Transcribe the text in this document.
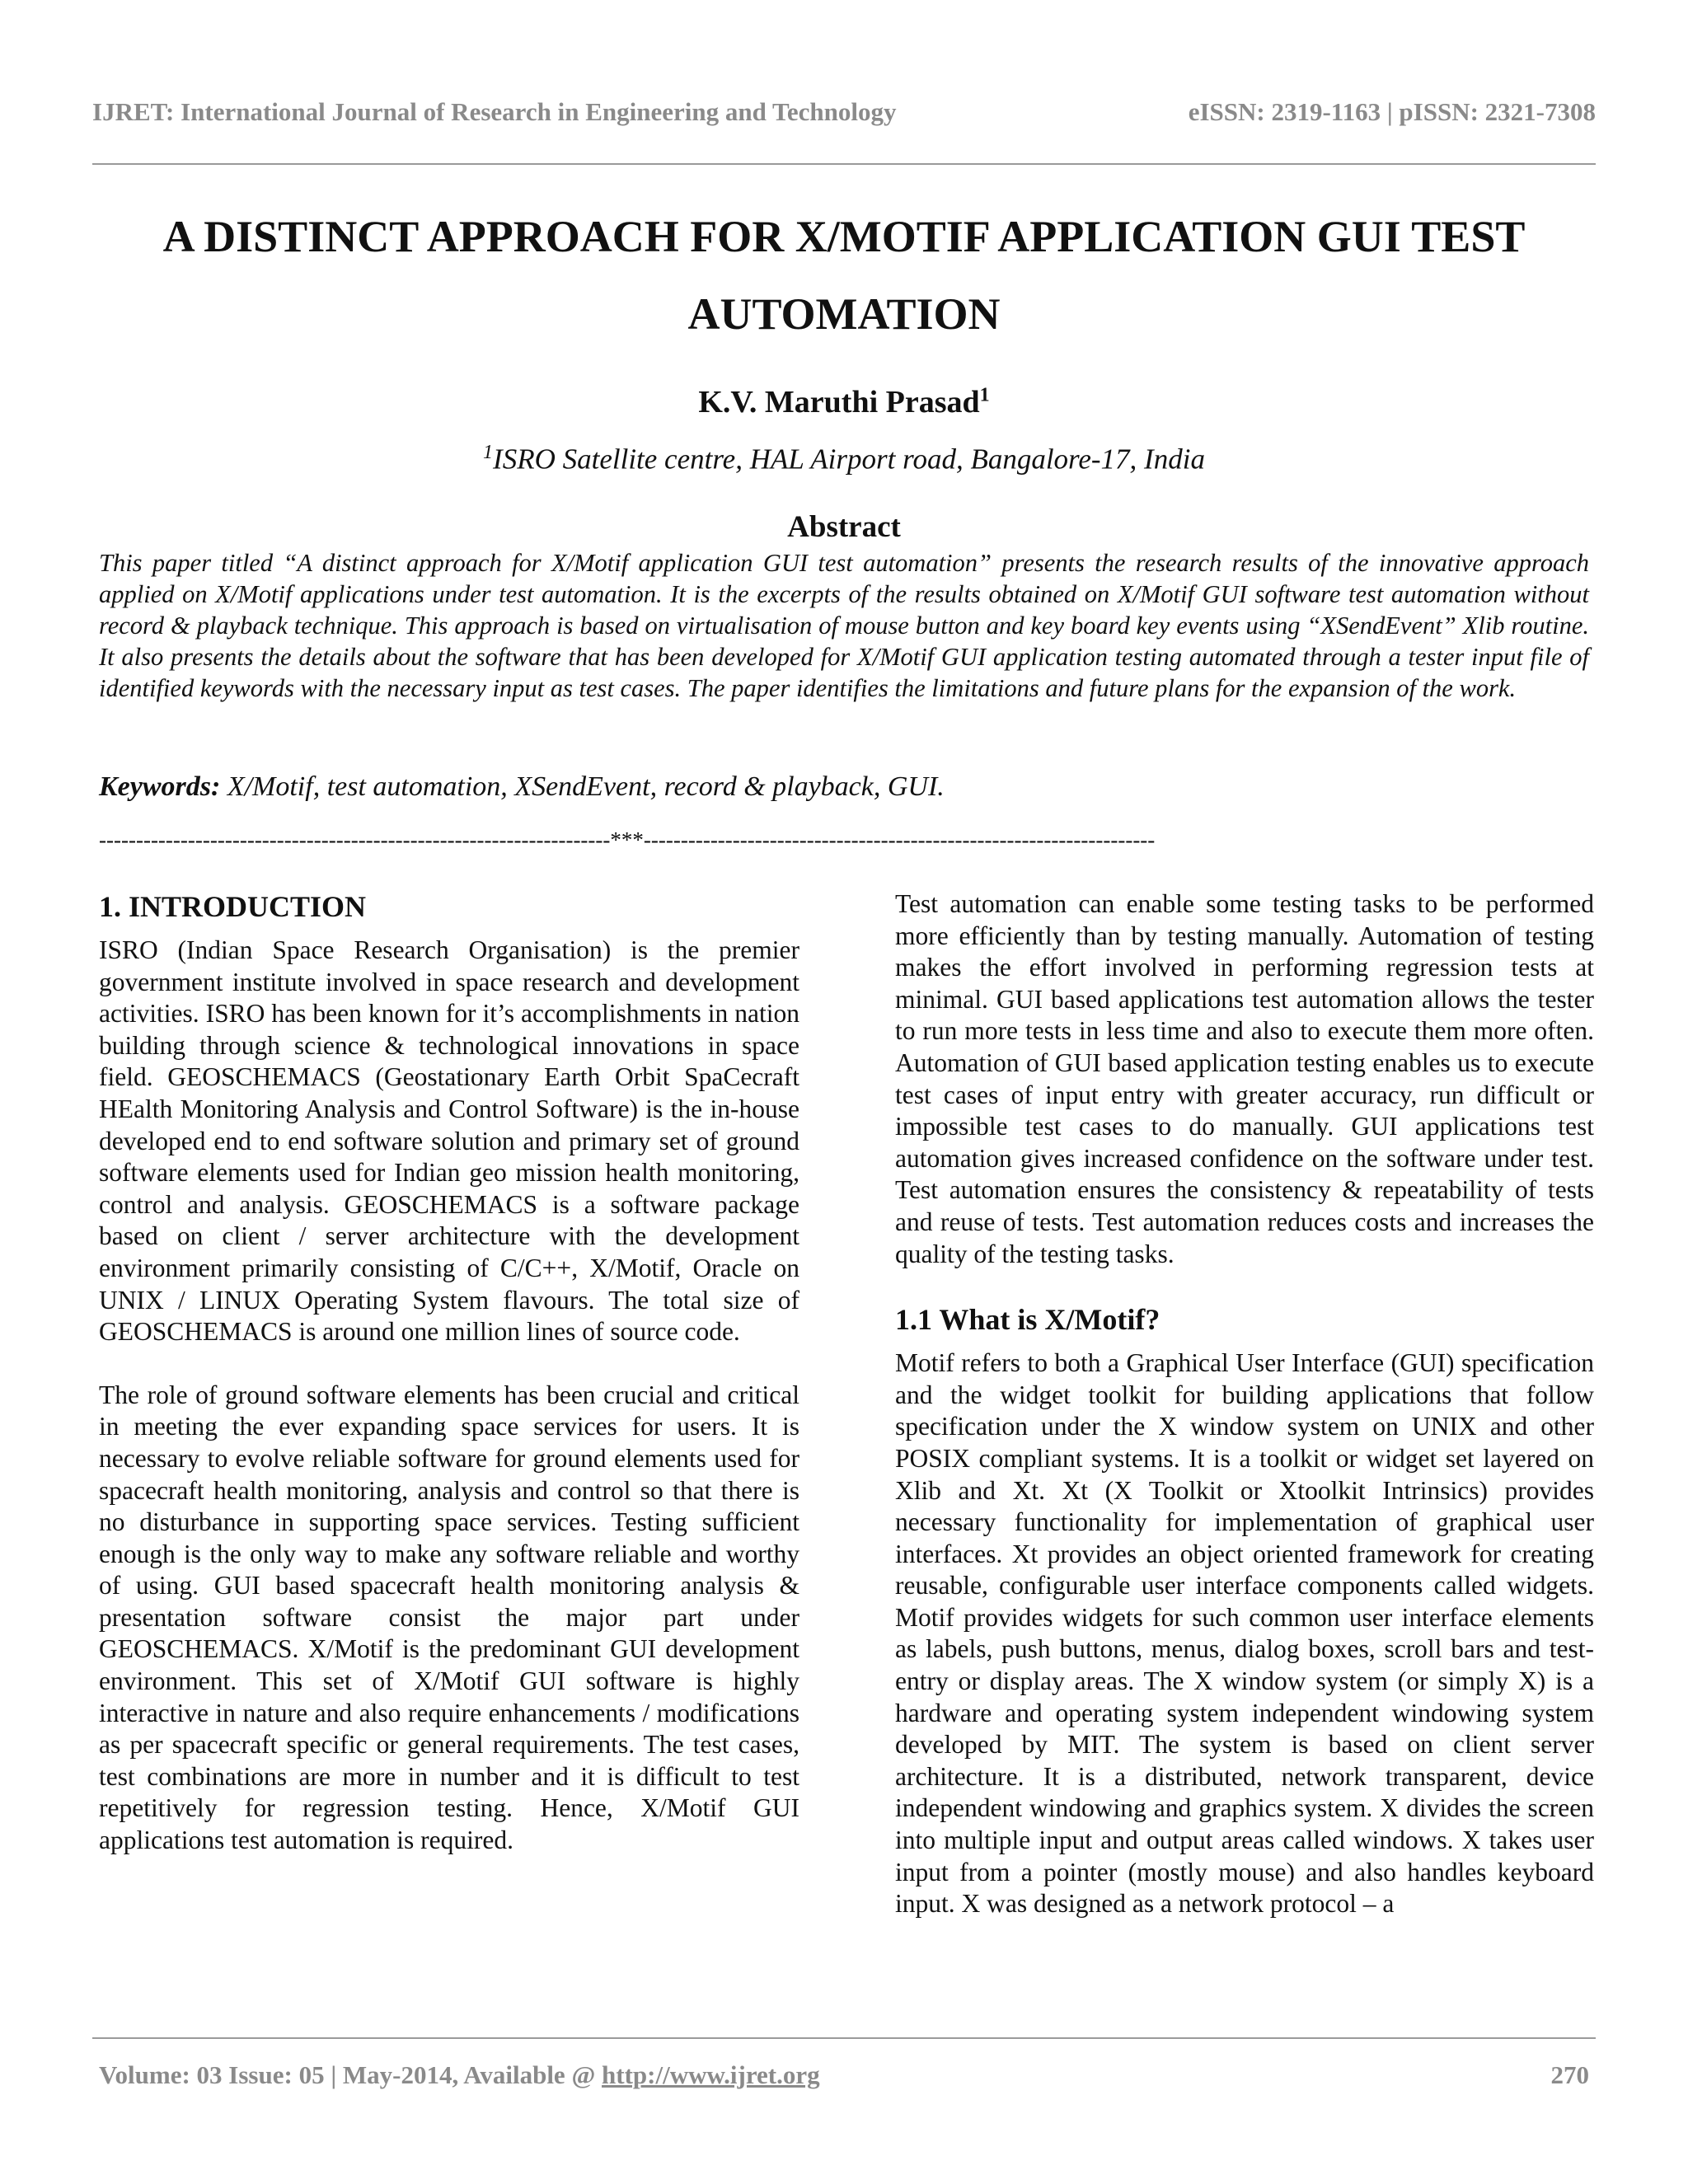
IJRET: International Journal of Research in Engineering and Technology	eISSN: 2319-1163 | pISSN: 2321-7308
A DISTINCT APPROACH FOR X/MOTIF APPLICATION GUI TEST AUTOMATION
K.V. Maruthi Prasad$^1$
$^1$ISRO Satellite centre, HAL Airport road, Bangalore-17, India
Abstract
This paper titled “A distinct approach for X/Motif application GUI test automation” presents the research results of the innovative approach applied on X/Motif applications under test automation. It is the excerpts of the results obtained on X/Motif GUI software test automation without record & playback technique. This approach is based on virtualisation of mouse button and key board key events using “XSendEvent” Xlib routine. It also presents the details about the software that has been developed for X/Motif GUI application testing automated through a tester input file of identified keywords with the necessary input as test cases. The paper identifies the limitations and future plans for the expansion of the work.
Keywords: X/Motif, test automation, XSendEvent, record & playback, GUI.
---------------------------------------------------------------------***---------------------------------------------------------------------
1. INTRODUCTION

ISRO (Indian Space Research Organisation) is the premier government institute involved in space research and development activities. ISRO has been known for it’s accomplishments in nation building through science & technological innovations in space field. GEOSCHEMACS (Geostationary Earth Orbit SpaCecraft HEalth Monitoring Analysis and Control Software) is the in-house developed end to end software solution and primary set of ground software elements used for Indian geo mission health monitoring, control and analysis. GEOSCHEMACS is a software package based on client / server architecture with the development environment primarily consisting of C/C++, X/Motif, Oracle on UNIX / LINUX Operating System flavours. The total size of GEOSCHEMACS is around one million lines of source code.

The role of ground software elements has been crucial and critical in meeting the ever expanding space services for users. It is necessary to evolve reliable software for ground elements used for spacecraft health monitoring, analysis and control so that there is no disturbance in supporting space services. Testing sufficient enough is the only way to make any software reliable and worthy of using. GUI based spacecraft health monitoring analysis & presentation software consist the major part under GEOSCHEMACS. X/Motif is the predominant GUI development environment. This set of X/Motif GUI software is highly interactive in nature and also require enhancements / modifications as per spacecraft specific or general requirements. The test cases, test combinations are more in number and it is difficult to test repetitively for regression testing. Hence, X/Motif GUI applications test automation is required.

Test automation can enable some testing tasks to be performed more efficiently than by testing manually. Automation of testing makes the effort involved in performing regression tests at minimal. GUI based applications test automation allows the tester to run more tests in less time and also to execute them more often. Automation of GUI based application testing enables us to execute test cases of input entry with greater accuracy, run difficult or impossible test cases to do manually. GUI applications test automation gives increased confidence on the software under test. Test automation ensures the consistency & repeatability of tests and reuse of tests. Test automation reduces costs and increases the quality of the testing tasks.

1.1 What is X/Motif?

Motif refers to both a Graphical User Interface (GUI) specification and the widget toolkit for building applications that follow specification under the X window system on UNIX and other POSIX compliant systems. It is a toolkit or widget set layered on Xlib and Xt. Xt (X Toolkit or Xtoolkit Intrinsics) provides necessary functionality for implementation of graphical user interfaces. Xt provides an object oriented framework for creating reusable, configurable user interface components called widgets. Motif provides widgets for such common user interface elements as labels, push buttons, menus, dialog boxes, scroll bars and test-entry or display areas. The X window system (or simply X) is a hardware and operating system independent windowing system developed by MIT. The system is based on client server architecture. It is a distributed, network transparent, device independent windowing and graphics system. X divides the screen into multiple input and output areas called windows. X takes user input from a pointer (mostly mouse) and also handles keyboard input. X was designed as a network protocol – a

Volume: 03 Issue: 05 | May-2014, Available @ http://www.ijret.org	270
